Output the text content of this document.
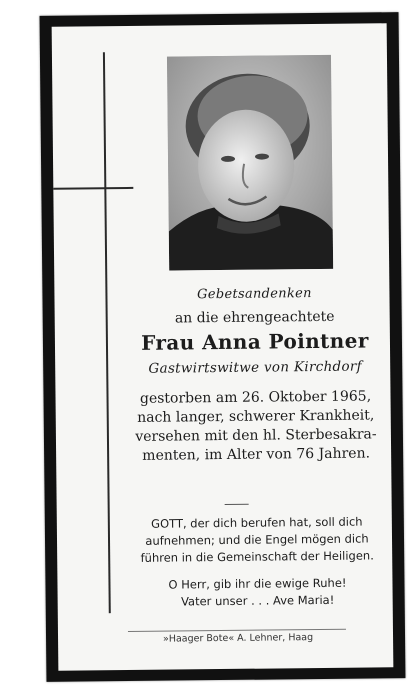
Gebetsandenken
an die ehrengeachtete
Frau Anna Pointner
Gastwirtswitwe von Kirchdorf
gestorben am 26. Oktober 1965,
nach langer, schwerer Krankheit,
versehen mit den hl. Sterbesakra-
menten, im Alter von 76 Jahren.
GOTT, der dich berufen hat, soll dich
aufnehmen; und die Engel mögen dich
führen in die Gemeinschaft der Heiligen.
O Herr, gib ihr die ewige Ruhe!
Vater unser . . . Ave Maria!
»Haager Bote« A. Lehner, Haag
